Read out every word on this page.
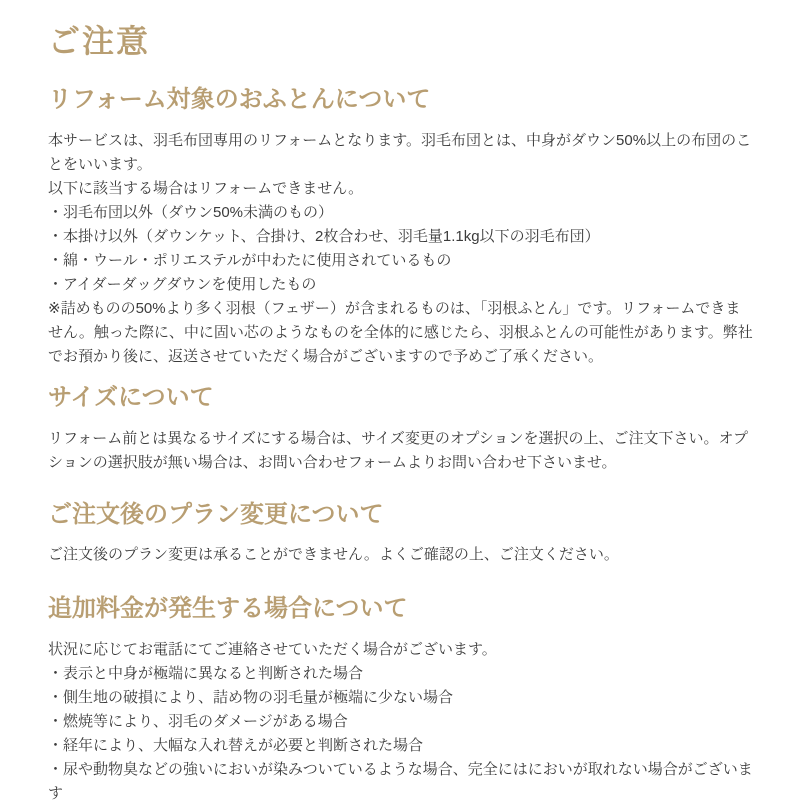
ご注意
リフォーム対象のおふとんについて

本サービスは、羽毛布団専用のリフォームとなります。羽毛布団とは、中身がダウン50%以上の布団のことをいいます。

以下に該当する場合はリフォームできません。

・羽毛布団以外（ダウン50%未満のもの）

・本掛け以外（ダウンケット、合掛け、2枚合わせ、羽毛量1.1kg以下の羽毛布団）

・綿・ウール・ポリエステルが中わたに使用されているもの

・アイダーダッグダウンを使用したもの

※詰めものの50%より多く羽根（フェザー）が含まれるものは、「羽根ふとん」です。リフォームできません。触った際に、中に固い芯のようなものを全体的に感じたら、羽根ふとんの可能性があります。弊社でお預かり後に、返送させていただく場合がございますので予めご了承ください。

サイズについて

リフォーム前とは異なるサイズにする場合は、サイズ変更のオプションを選択の上、ご注文下さい。オプションの選択肢が無い場合は、お問い合わせフォームよりお問い合わせ下さいませ。

ご注文後のプラン変更について

ご注文後のプラン変更は承ることができません。よくご確認の上、ご注文ください。

追加料金が発生する場合について

状況に応じてお電話にてご連絡させていただく場合がございます。

・表示と中身が極端に異なると判断された場合

・側生地の破損により、詰め物の羽毛量が極端に少ない場合

・燃焼等により、羽毛のダメージがある場合

・経年により、大幅な入れ替えが必要と判断された場合

・尿や動物臭などの強いにおいが染みついているような場合、完全にはにおいが取れない場合がございます
